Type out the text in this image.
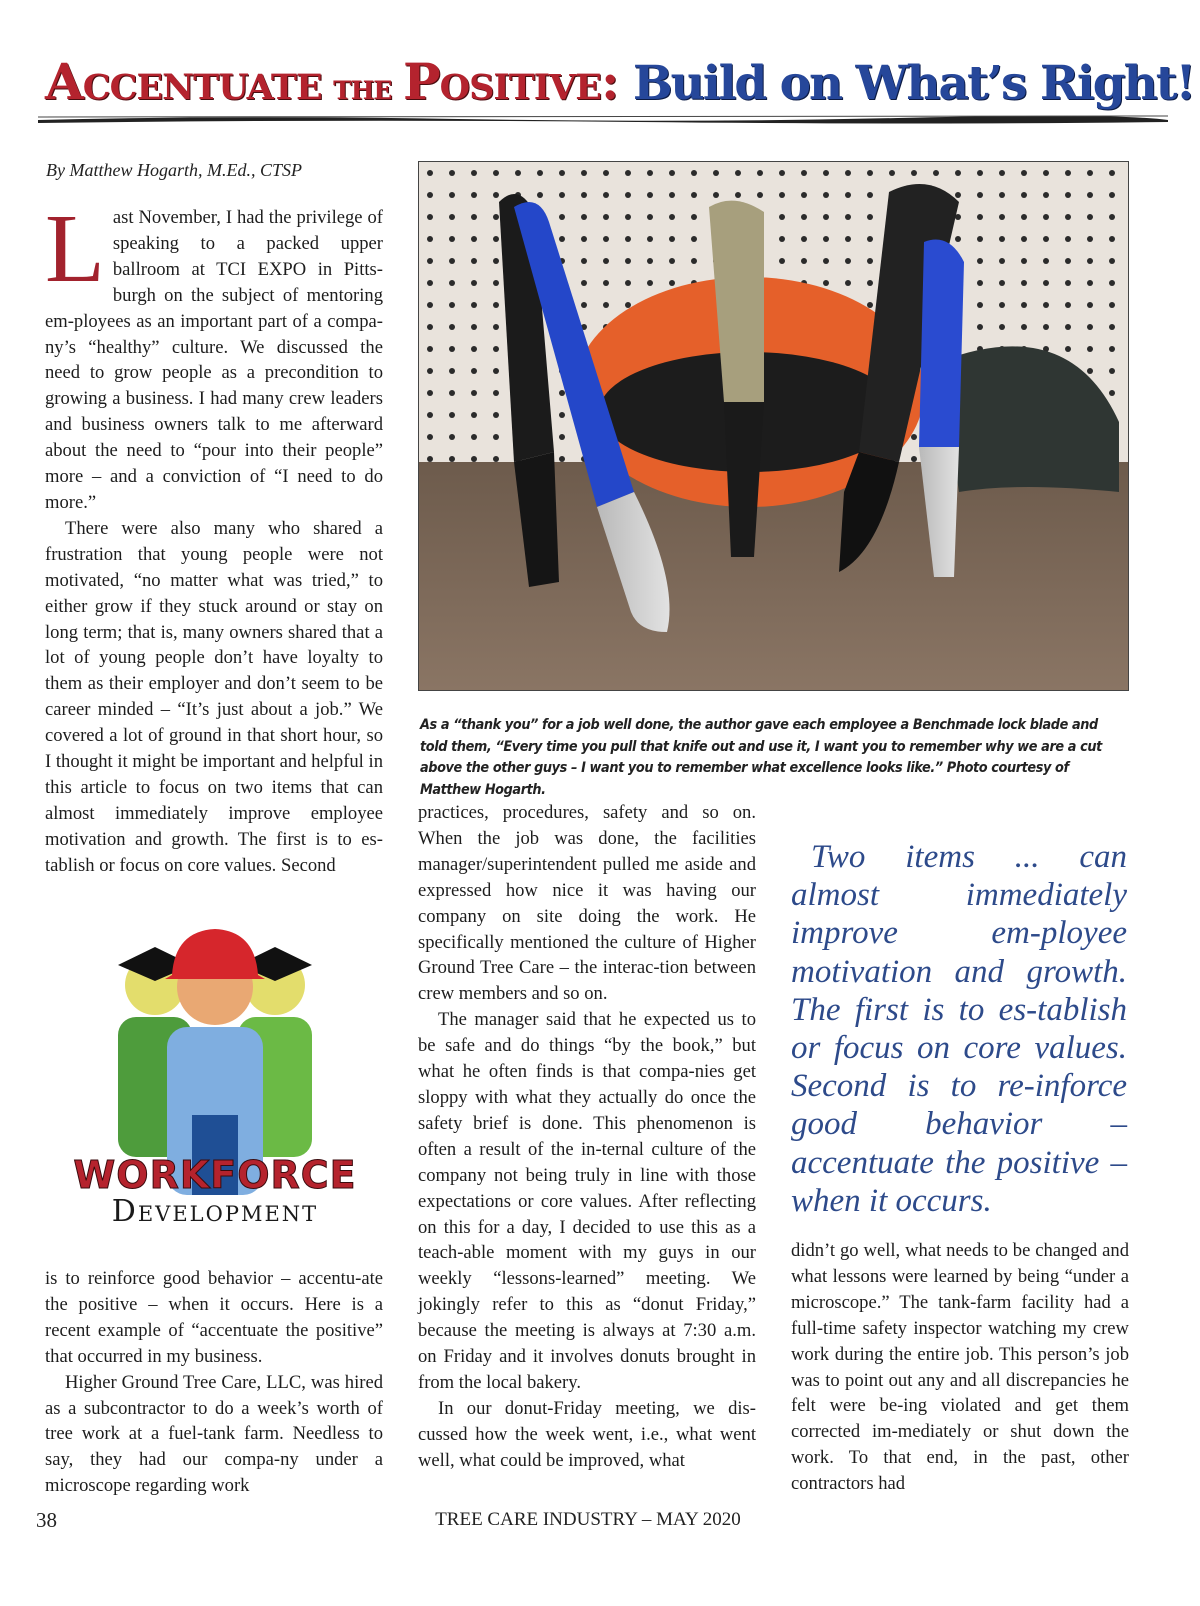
Accentuate the Positive: Build on What’s Right!
By Matthew Hogarth, M.Ed., CTSP

Last November, I had the privilege of speaking to a packed upper ballroom at TCI EXPO in Pitts-burgh on the subject of mentoring em-ployees as an important part of a compa-ny’s “healthy” culture. We discussed the need to grow people as a precondition to growing a business. I had many crew leaders and business owners talk to me afterward about the need to “pour into their people” more – and a conviction of “I need to do more.”

There were also many who shared a frustration that young people were not motivated, “no matter what was tried,” to either grow if they stuck around or stay on long term; that is, many owners shared that a lot of young people don’t have loyalty to them as their employer and don’t seem to be career minded – “It’s just about a job.” We covered a lot of ground in that short hour, so I thought it might be important and helpful in this article to focus on two items that can almost immediately improve employee motivation and growth. The first is to es-tablish or focus on core values. Second

WORKFORCE
Development

is to reinforce good behavior – accentu-ate the positive – when it occurs. Here is a recent example of “accentuate the positive” that occurred in my business.

Higher Ground Tree Care, LLC, was hired as a subcontractor to do a week’s worth of tree work at a fuel-tank farm. Needless to say, they had our compa-ny under a microscope regarding work

As a “thank you” for a job well done, the author gave each employee a Benchmade lock blade and told them, “Every time you pull that knife out and use it, I want you to remember why we are a cut above the other guys – I want you to remember what excellence looks like.” Photo courtesy of Matthew Hogarth.

practices, procedures, safety and so on. When the job was done, the facilities manager/superintendent pulled me aside and expressed how nice it was having our company on site doing the work. He specifically mentioned the culture of Higher Ground Tree Care – the interac-tion between crew members and so on.

The manager said that he expected us to be safe and do things “by the book,” but what he often finds is that compa-nies get sloppy with what they actually do once the safety brief is done. This phenomenon is often a result of the in-ternal culture of the company not being truly in line with those expectations or core values. After reflecting on this for a day, I decided to use this as a teach-able moment with my guys in our weekly “lessons-learned” meeting. We jokingly refer to this as “donut Friday,” because the meeting is always at 7:30 a.m. on Friday and it involves donuts brought in from the local bakery.

In our donut-Friday meeting, we dis-cussed how the week went, i.e., what went well, what could be improved, what

Two items ... can almost immediately improve em-ployee motivation and growth. The first is to es-tablish or focus on core values. Second is to re-inforce good behavior – accentuate the positive – when it occurs.

didn’t go well, what needs to be changed and what lessons were learned by being “under a microscope.” The tank-farm facility had a full-time safety inspector watching my crew work during the entire job. This person’s job was to point out any and all discrepancies he felt were be-ing violated and get them corrected im-mediately or shut down the work. To that end, in the past, other contractors had

38	TREE CARE INDUSTRY – MAY 2020
